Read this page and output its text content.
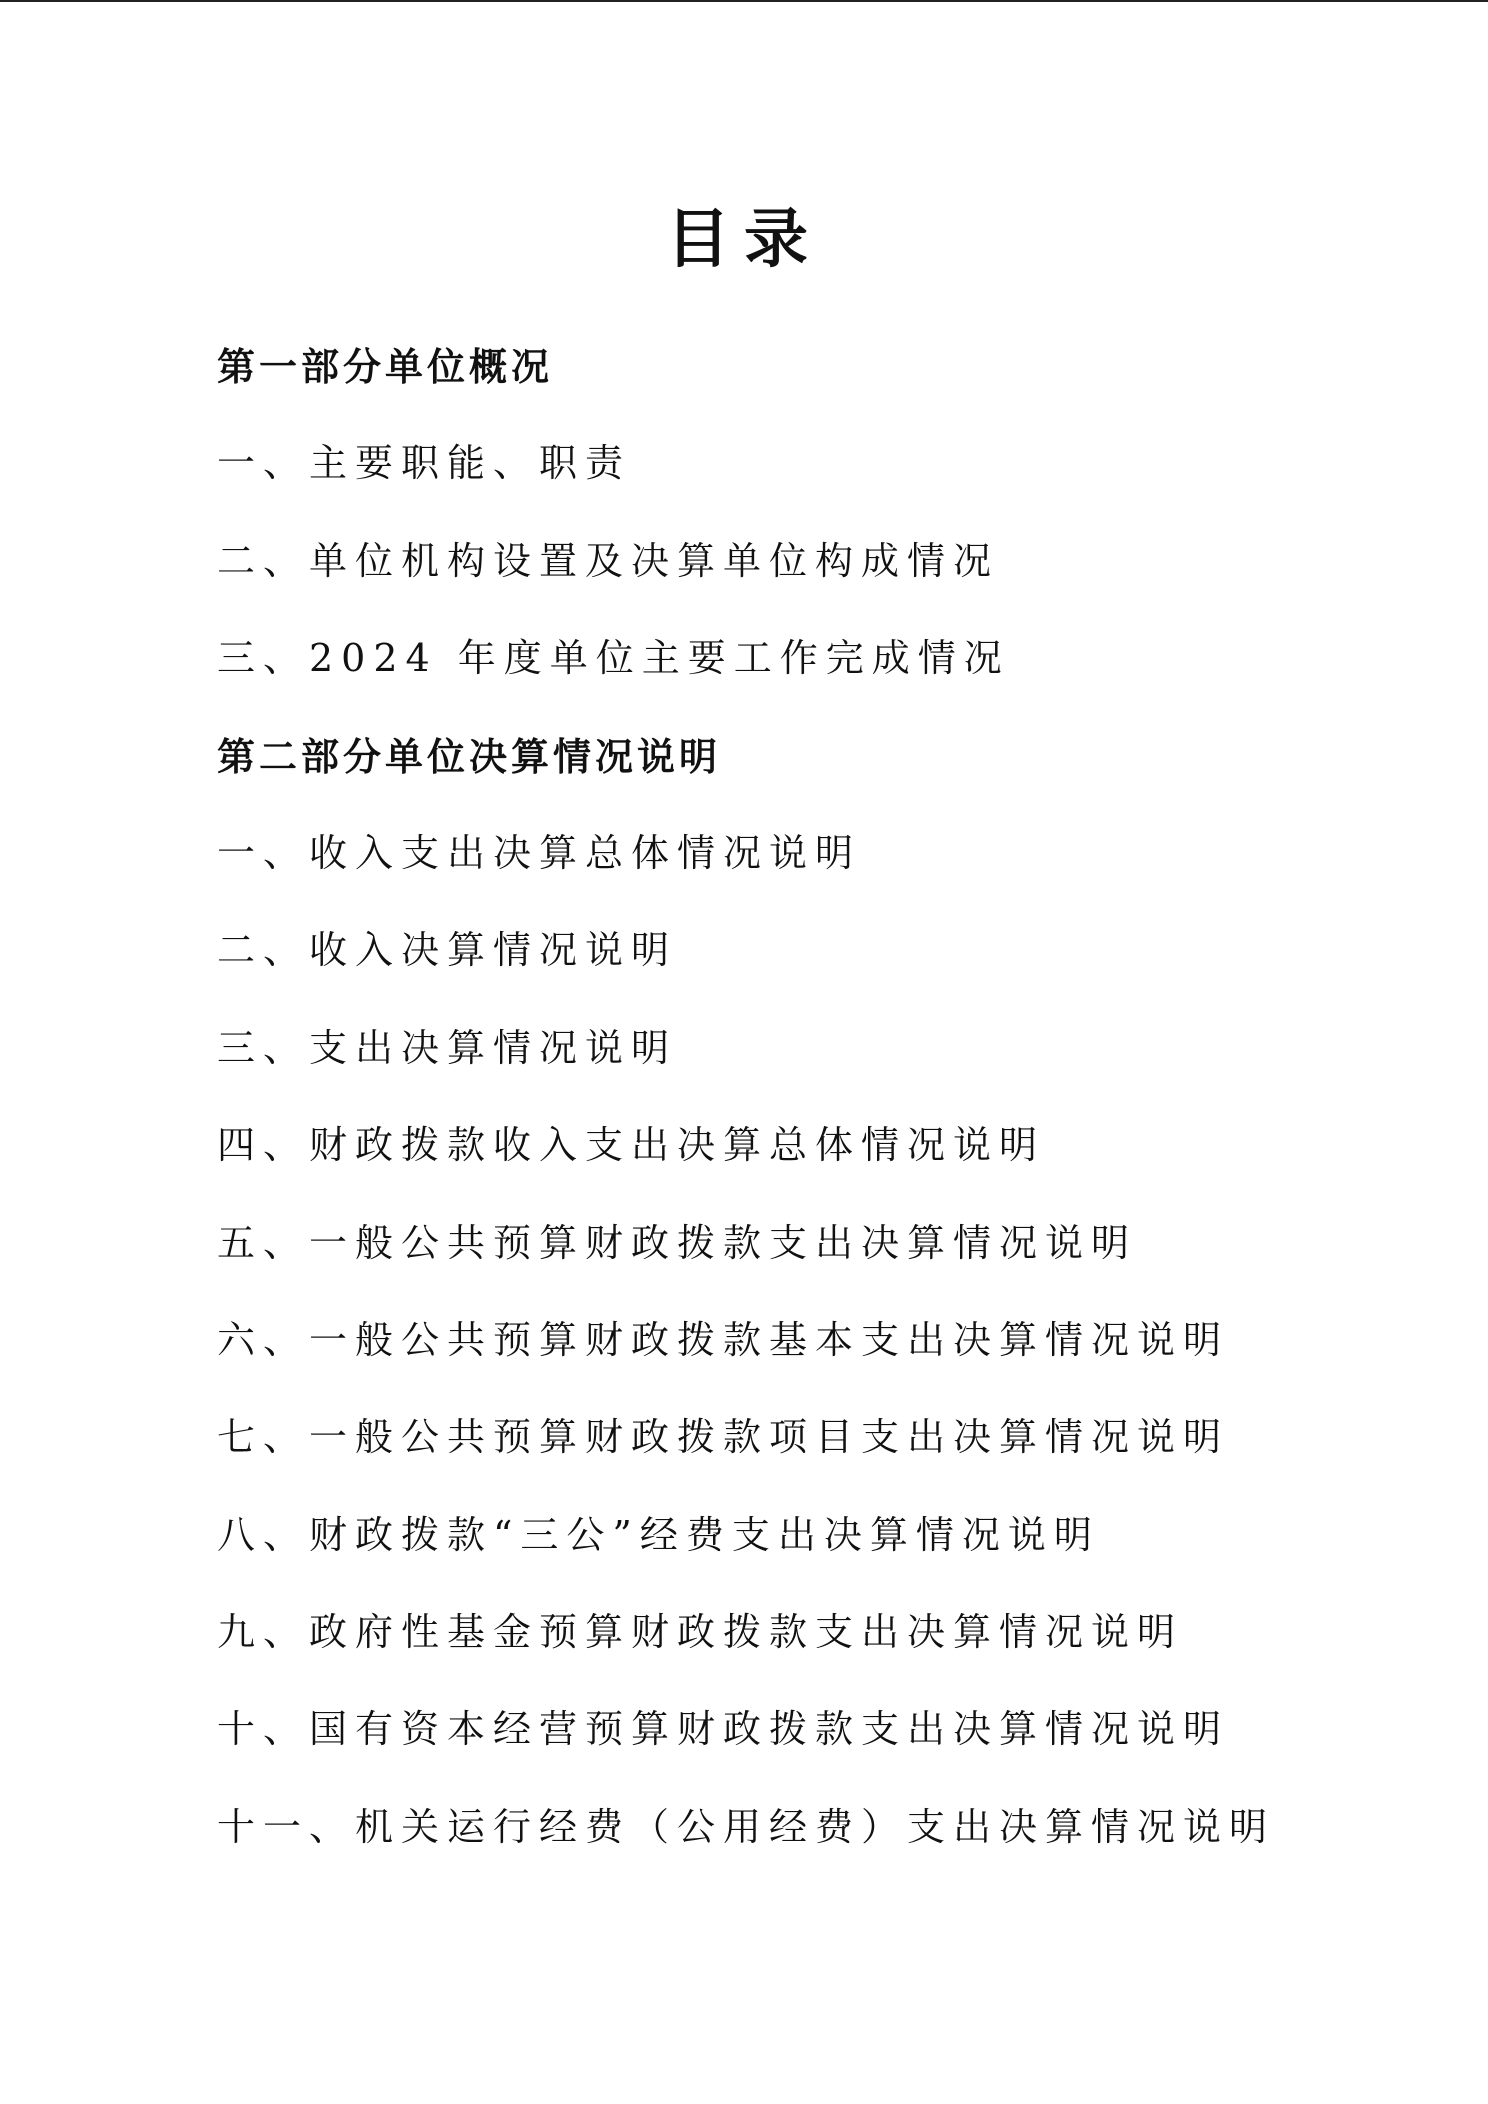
目录
第一部分单位概况
一、主要职能、职责
二、单位机构设置及决算单位构成情况
三、2024 年度单位主要工作完成情况
第二部分单位决算情况说明
一、收入支出决算总体情况说明
二、收入决算情况说明
三、支出决算情况说明
四、财政拨款收入支出决算总体情况说明
五、一般公共预算财政拨款支出决算情况说明
六、一般公共预算财政拨款基本支出决算情况说明
七、一般公共预算财政拨款项目支出决算情况说明
八、财政拨款“三公”经费支出决算情况说明
九、政府性基金预算财政拨款支出决算情况说明
十、国有资本经营预算财政拨款支出决算情况说明
十一、机关运行经费（公用经费）支出决算情况说明
